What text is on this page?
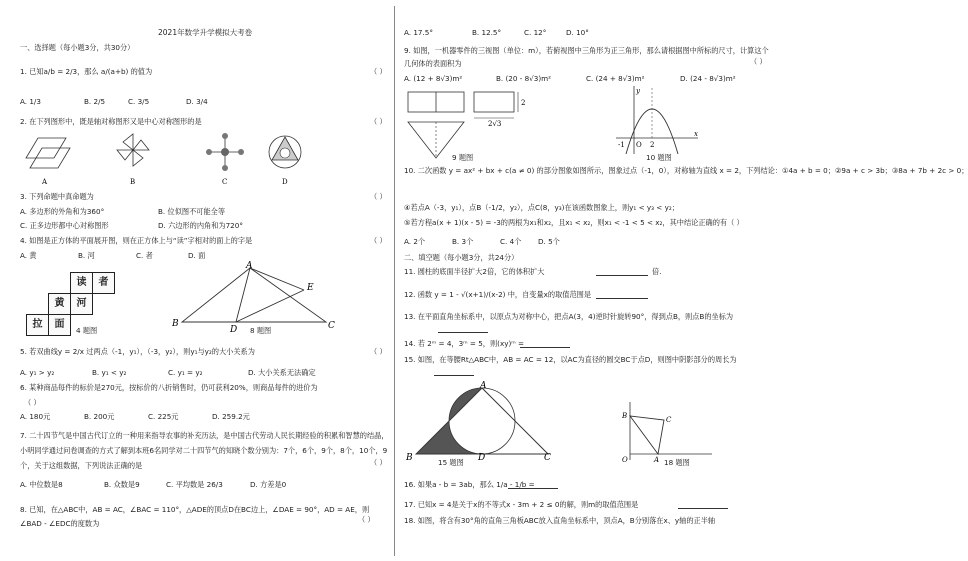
2021年数学升学模拟大考卷
一、选择题（每小题3分，共30分）
1. 已知a/b = 2/3，那么 a/(a+b) 的值为	（ ）
A. 1/3	B. 2/5	C. 3/5	D. 3/4
2. 在下列图形中，既是轴对称图形又是中心对称图形的是	（ ）
A	B	C	D
3. 下列命题中真命题为	（ ）
A. 多边形的外角和为360°	B. 位似图不可能全等
C. 正多边形都中心对称图形	D. 六边形的内角和为720°
4. 如图是正方体的平面展开图，则在正方体上与“读”字相对的面上的字是	（ ）
A. 黄	B. 河	C. 者	D. 面
读	者
黄	河
拉	面
4 题图
A
B	C
D
E
8 题图
5. 若双曲线y = 2/x 过两点（-1，y₁），（-3，y₂），则y₁与y₂的大小关系为	（ ）
A. y₁ > y₂	B. y₁ < y₂	C. y₁ = y₂	D. 大小关系无法确定
6. 某种商品每件的标价是270元，按标价的八折销售时，仍可获利20%，则商品每件的进价为
（ ）
A. 180元	B. 200元	C. 225元	D. 259.2元
7. 二十四节气是中国古代订立的一种用来指导农事的补充历法，是中国古代劳动人民长期经验的积累和智慧的结晶，小明同学通过问卷调查的方式了解到本班6名同学对二十四节气的知晓个数分别为：7个，6个，9个，8个，10个，9个，关于这组数据，下列说法正确的是	（ ）
A. 中位数是8	B. 众数是9	C. 平均数是 26/3	D. 方差是0
8. 已知，在△ABC中，AB = AC，∠BAC = 110°，△ADE的顶点D在BC边上，∠DAE = 90°，AD = AE，则∠BAD - ∠EDC的度数为	（ ）
A. 17.5°	B. 12.5°	C. 12°	D. 10°
9. 如图，一机器零件的三视图（单位：m），若俯视图中三角形为正三角形，那么请根据图中所标的尺寸，计算这个几何体的表面积为	（ ）
A. (12 + 8√3)m²	B. (20 - 8√3)m²	C. (24 + 8√3)m²	D. (24 - 8√3)m²
2
2√3
9 题图
y
x
-1 O 2
10 题图
10. 二次函数 y = ax² + bx + c(a ≠ 0) 的部分图象如图所示，图象过点（-1，0），对称轴为直线 x = 2，下列结论：①4a + b = 0；②9a + c > 3b；③8a + 7b + 2c > 0；
④若点A（-3，y₁），点B（-1/2，y₂），点C(8，y₃)在该函数图象上，则y₁ < y₃ < y₂；
⑤若方程a(x + 1)(x - 5) = -3的两根为x₁和x₂，且x₁ < x₂，则x₁ < -1 < 5 < x₂，其中结论正确的有（ ）
A. 2个	B. 3个	C. 4个 D. 5个
二、填空题（每小题3分，共24分）
11. 圆柱的底面半径扩大2倍，它的体积扩大	倍.
12. 函数 y = 1 - √(x+1)/(x-2) 中，自变量x的取值范围是
13. 在平面直角坐标系中，以原点为对称中心，把点A(3，4)逆时针旋转90°，得到点B，则点B的坐标为
14. 若 2ᵐ = 4，3ᵐ = 5，则(xy)ᵐ =
15. 如图，在等腰Rt△ABC中，AB = AC = 12，以AC为直径的圆交BC于点D，则图中阴影部分的周长为
A
B	D	C
15 题图
B	C
A
O	18 题图
16. 如果a - b = 3ab，那么 1/a - 1/b =
17. 已知x = 4是关于x的不等式x - 3m + 2 ≤ 0的解，则m的取值范围是
18. 如图，将含有30°角的直角三角板ABC放入直角坐标系中，顶点A，B分别落在x、y轴的正半轴
